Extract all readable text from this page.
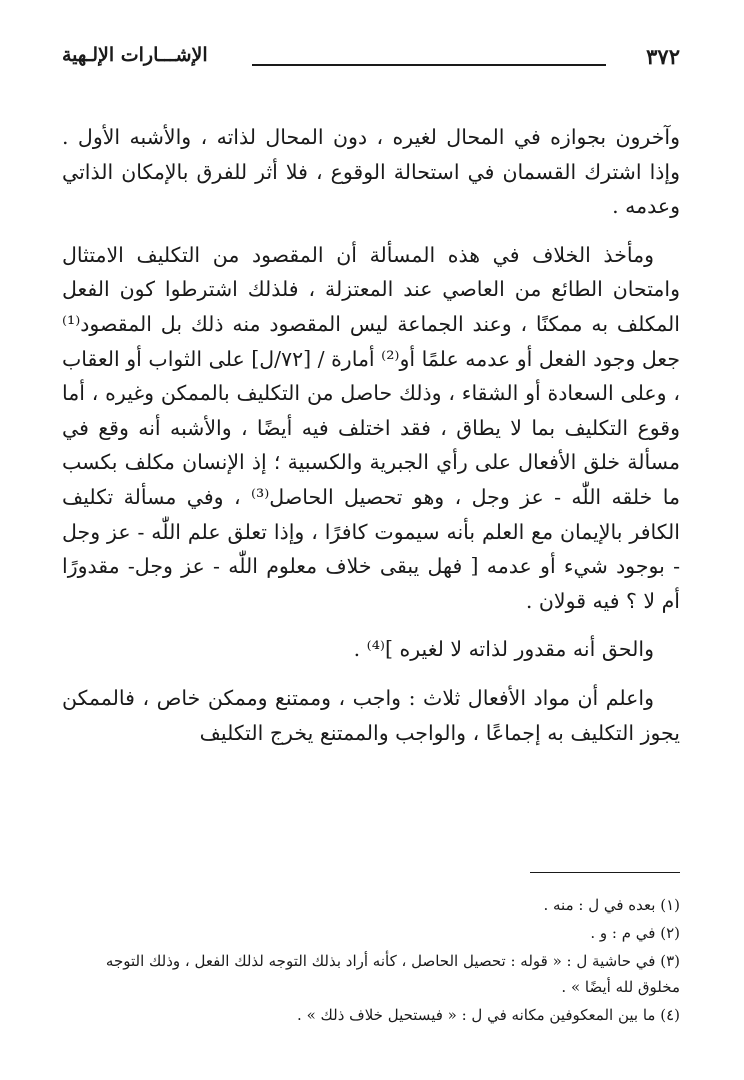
٣٧٢
الإشـــارات الإلـهية

وآخرون بجوازه في المحال لغيره ، دون المحال لذاته ، والأشبه الأول . وإذا اشترك القسمان في استحالة الوقوع ، فلا أثر للفرق بالإمكان الذاتي وعدمه .

ومأخذ الخلاف في هذه المسألة أن المقصود من التكليف الامتثال وامتحان الطائع من العاصي عند المعتزلة ، فلذلك اشترطوا كون الفعل المكلف به ممكنًا ، وعند الجماعة ليس المقصود منه ذلك بل المقصود⁽¹⁾ جعل وجود الفعل أو عدمه علمًا أو⁽²⁾ أمارة / [٧٢/ل] على الثواب أو العقاب ، وعلى السعادة أو الشقاء ، وذلك حاصل من التكليف بالممكن وغيره ، أما وقوع التكليف بما لا يطاق ، فقد اختلف فيه أيضًا ، والأشبه أنه وقع في مسألة خلق الأفعال على رأي الجبرية والكسبية ؛ إذ الإنسان مكلف بكسب ما خلقه اللّٰه - عز وجل ، وهو تحصيل الحاصل⁽³⁾ ، وفي مسألة تكليف الكافر بالإيمان مع العلم بأنه سيموت كافرًا ، وإذا تعلق علم اللّٰه - عز وجل - بوجود شيء أو عدمه [ فهل يبقى خلاف معلوم اللّٰه - عز وجل- مقدورًا أم لا ؟ فيه قولان .

والحق أنه مقدور لذاته لا لغيره ]⁽⁴⁾ .

واعلم أن مواد الأفعال ثلاث : واجب ، وممتنع وممكن خاص ، فالممكن يجوز التكليف به إجماعًا ، والواجب والممتنع يخرج التكليف

(١) بعده في ل : منه .
(٢) في م : و .
(٣) في حاشية ل : « قوله : تحصيل الحاصل ، كأنه أراد بذلك التوجه لذلك الفعل ، وذلك التوجه مخلوق لله أيضًا » .
(٤) ما بين المعكوفين مكانه في ل : « فيستحيل خلاف ذلك » .
